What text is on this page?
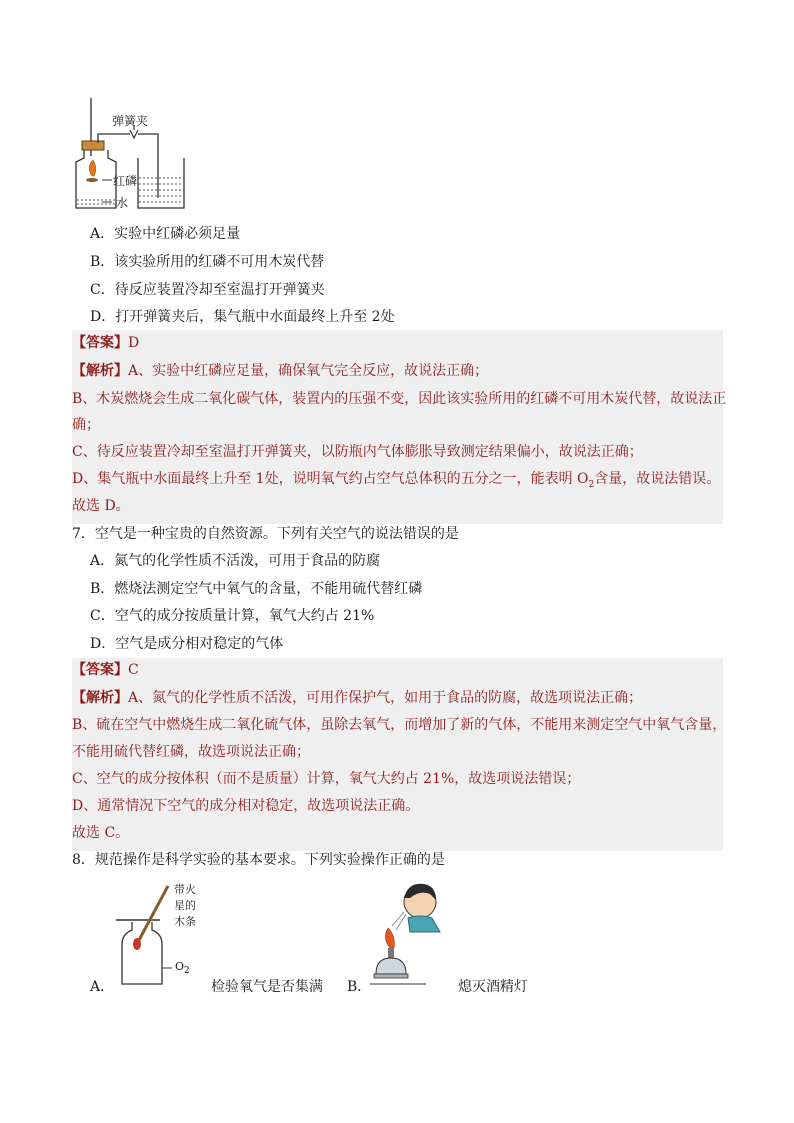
弹簧夹
红磷
水
A．实验中红磷必须足量
B．该实验所用的红磷不可用木炭代替
C．待反应装置冷却至室温打开弹簧夹
D．打开弹簧夹后，集气瓶中水面最终上升至 2处
【答案】D
【解析】A、实验中红磷应足量，确保氧气完全反应，故说法正确；
B、木炭燃烧会生成二氧化碳气体，装置内的压强不变，因此该实验所用的红磷不可用木炭代替，故说法正
确；
C、待反应装置冷却至室温打开弹簧夹，以防瓶内气体膨胀导致测定结果偏小，故说法正确；
D、集气瓶中水面最终上升至 1处，说明氧气约占空气总体积的五分之一，能表明 $O_2$含量，故说法错误。
故选 D。
7．空气是一种宝贵的自然资源。下列有关空气的说法错误的是
A．氮气的化学性质不活泼，可用于食品的防腐
B．燃烧法测定空气中氧气的含量，不能用硫代替红磷
C．空气的成分按质量计算，氧气大约占 21%
D．空气是成分相对稳定的气体
【答案】C
【解析】A、氮气的化学性质不活泼，可用作保护气，如用于食品的防腐，故选项说法正确；
B、硫在空气中燃烧生成二氧化硫气体，虽除去氧气，而增加了新的气体，不能用来测定空气中氧气含量，
不能用硫代替红磷，故选项说法正确；
C、空气的成分按体积（而不是质量）计算，氧气大约占 21%，故选项说法错误；
D、通常情况下空气的成分相对稳定，故选项说法正确。
故选 C。
8．规范操作是科学实验的基本要求。下列实验操作正确的是
带火
星的
木条
$O_2$
A．	检验氧气是否集满 B．	熄灭酒精灯
